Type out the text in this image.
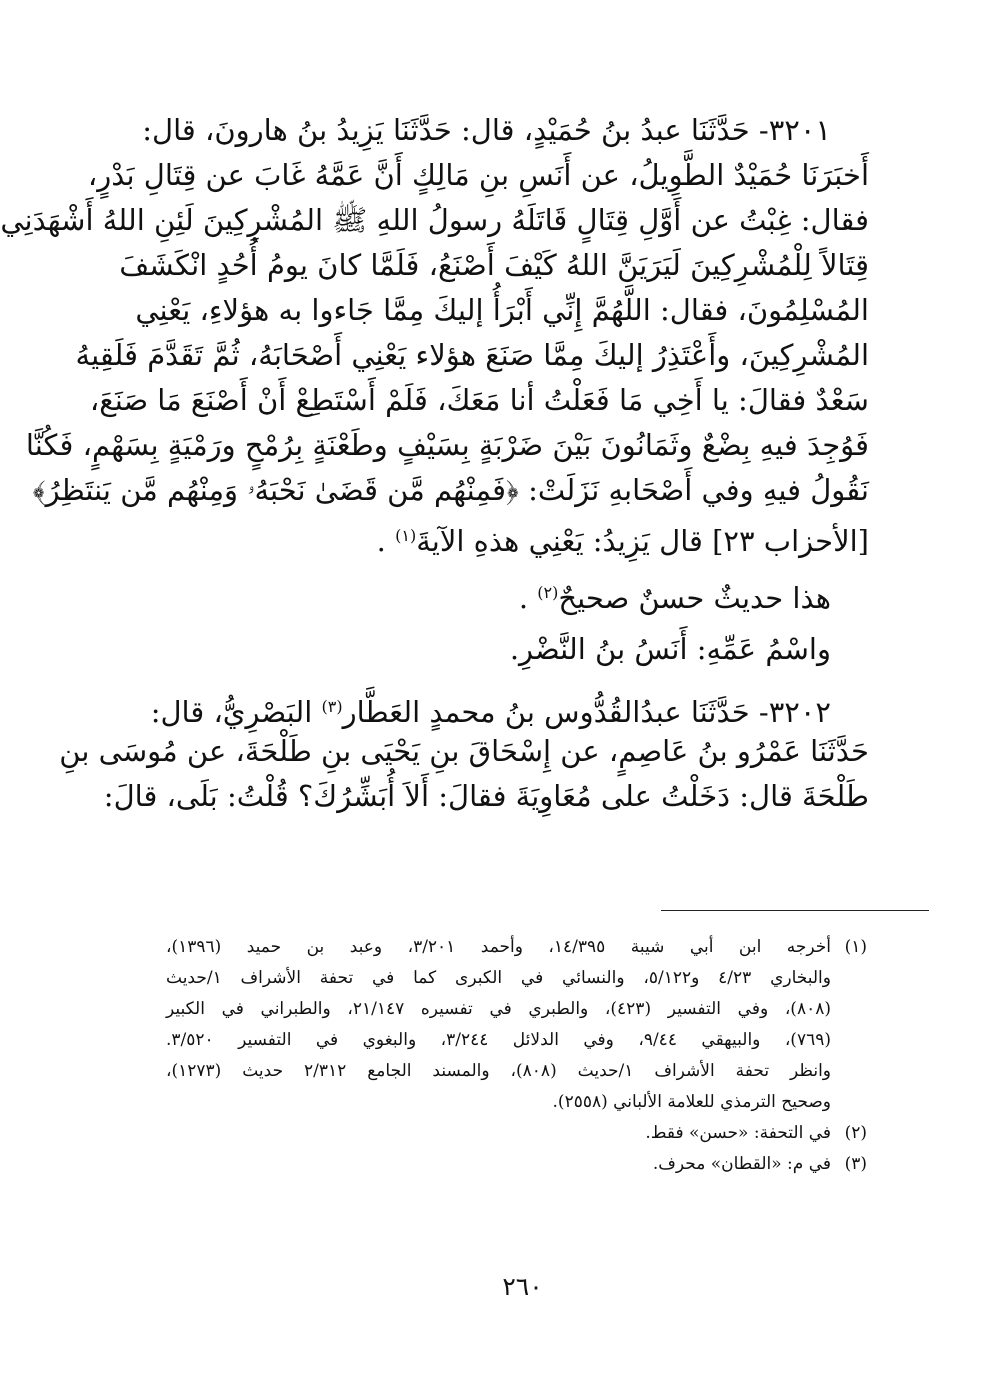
٣٢٠١- حَدَّثَنَا عبدُ بنُ حُمَيْدٍ، قال: حَدَّثَنَا يَزِيدُ بنُ هارونَ، قال:
أَخبَرَنَا حُمَيْدٌ الطَّوِيلُ، عن أَنَسِ بنِ مَالِكٍ أَنَّ عَمَّهُ غَابَ عن قِتَالِ بَدْرٍ،
فقال: غِبْتُ عن أَوَّلِ قِتَالٍ قَاتَلَهُ رسولُ اللهِ ﷺ المُشْرِكِينَ لَئِنِ اللهُ أَشْهَدَنِي
قِتَالاً لِلْمُشْرِكِينَ لَيَرَيَنَّ اللهُ كَيْفَ أَصْنَعُ، فَلَمَّا كانَ يومُ أُحُدٍ انْكَشَفَ
المُسْلِمُونَ، فقال: اللَّهُمَّ إِنِّي أَبْرَأُ إليكَ مِمَّا جَاءوا به هؤلاءِ، يَعْنِي
المُشْرِكِينَ، وأَعْتَذِرُ إليكَ مِمَّا صَنَعَ هؤلاء يَعْنِي أَصْحَابَهُ، ثُمَّ تَقَدَّمَ فَلَقِيهُ
سَعْدٌ فقالَ: يا أَخِي مَا فَعَلْتُ أنا مَعَكَ، فَلَمْ أَسْتَطِعْ أَنْ أَصْنَعَ مَا صَنَعَ،
فَوُجِدَ فيهِ بِضْعٌ وثَمَانُونَ بَيْنَ ضَرْبَةٍ بِسَيْفٍ وطَعْنَةٍ بِرُمْحٍ ورَمْيَةٍ بِسَهْمٍ، فَكُنَّا
نَقُولُ فيهِ وفي أَصْحَابهِ نَزَلَتْ: ﴿فَمِنْهُم مَّن قَضَىٰ نَحْبَهُۥ وَمِنْهُم مَّن يَنتَظِرُ﴾
[الأحزاب ٢٣] قال يَزِيدُ: يَعْنِي هذهِ الآيةَ$^{(١)}$ .
هذا حديثٌ حسنٌ صحيحٌ$^{(٢)}$ .
واسْمُ عَمِّهِ: أَنَسُ بنُ النَّضْرِ.
٣٢٠٢- حَدَّثَنَا عبدُالقُدُّوس بنُ محمدٍ العَطَّار$^{(٣)}$ البَصْرِيُّ، قال:
حَدَّثَنَا عَمْرُو بنُ عَاصِمٍ، عن إِسْحَاقَ بنِ يَحْيَى بنِ طَلْحَةَ، عن مُوسَى بنِ
طَلْحَةَ قال: دَخَلْتُ على مُعَاوِيَةَ فقالَ: أَلاَ أُبَشِّرُكَ؟ قُلْتُ: بَلَى، قالَ:
(١)
أخرجه ابن أبي شيبة ١٤/٣٩٥، وأحمد ٣/٢٠١، وعبد بن حميد (١٣٩٦)،
والبخاري ٤/٢٣ و٥/١٢٢، والنسائي في الكبرى كما في تحفة الأشراف ١/حديث
(٨٠٨)، وفي التفسير (٤٢٣)، والطبري في تفسيره ٢١/١٤٧، والطبراني في الكبير
(٧٦٩)، والبيهقي ٩/٤٤، وفي الدلائل ٣/٢٤٤، والبغوي في التفسير ٣/٥٢٠.
وانظر تحفة الأشراف ١/حديث (٨٠٨)، والمسند الجامع ٢/٣١٢ حديث (١٢٧٣)،
وصحيح الترمذي للعلامة الألباني (٢٥٥٨).
(٢)
في التحفة: «حسن» فقط.
(٣)
في م: «القطان» محرف.
٢٦٠
